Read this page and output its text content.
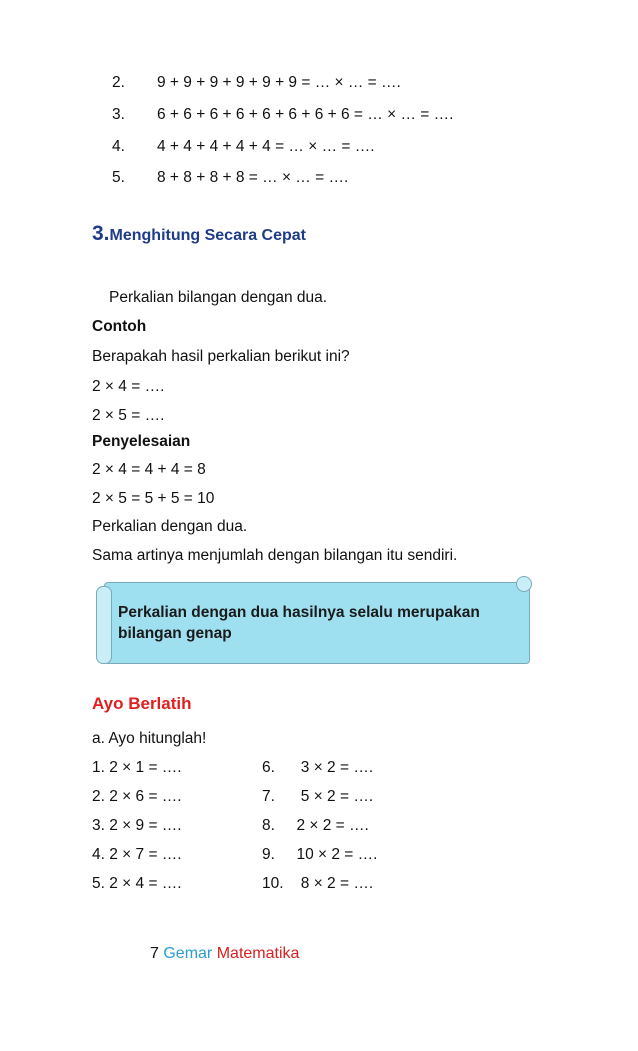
2. 9 + 9 + 9 + 9 + 9 + 9 = … × … = ….
3. 6 + 6 + 6 + 6 + 6 + 6 + 6 + 6 = … × … = ….
4. 4 + 4 + 4 + 4 + 4 = … × … = ….
5. 8 + 8 + 8 + 8 = … × … = ….
3.Menghitung Secara Cepat
Perkalian bilangan dengan dua.
Contoh
Berapakah hasil perkalian berikut ini?
2 × 4 = ….
2 × 5 = ….
Penyelesaian
2 × 4 = 4 + 4 = 8
2 × 5 = 5 + 5 = 10
Perkalian dengan dua.
Sama artinya menjumlah dengan bilangan itu sendiri.
Perkalian dengan dua hasilnya selalu merupakan
bilangan genap
Ayo Berlatih
a. Ayo hitunglah!
1. 2 × 1 = ….
2. 2 × 6 = ….
3. 2 × 9 = ….
4. 2 × 7 = ….
5. 2 × 4 = ….
6.      3 × 2 = ….
7.      5 × 2 = ….
8.     2 × 2 = ….
9.     10 × 2 = ….
10.    8 × 2 = ….
7 Gemar Matematika
